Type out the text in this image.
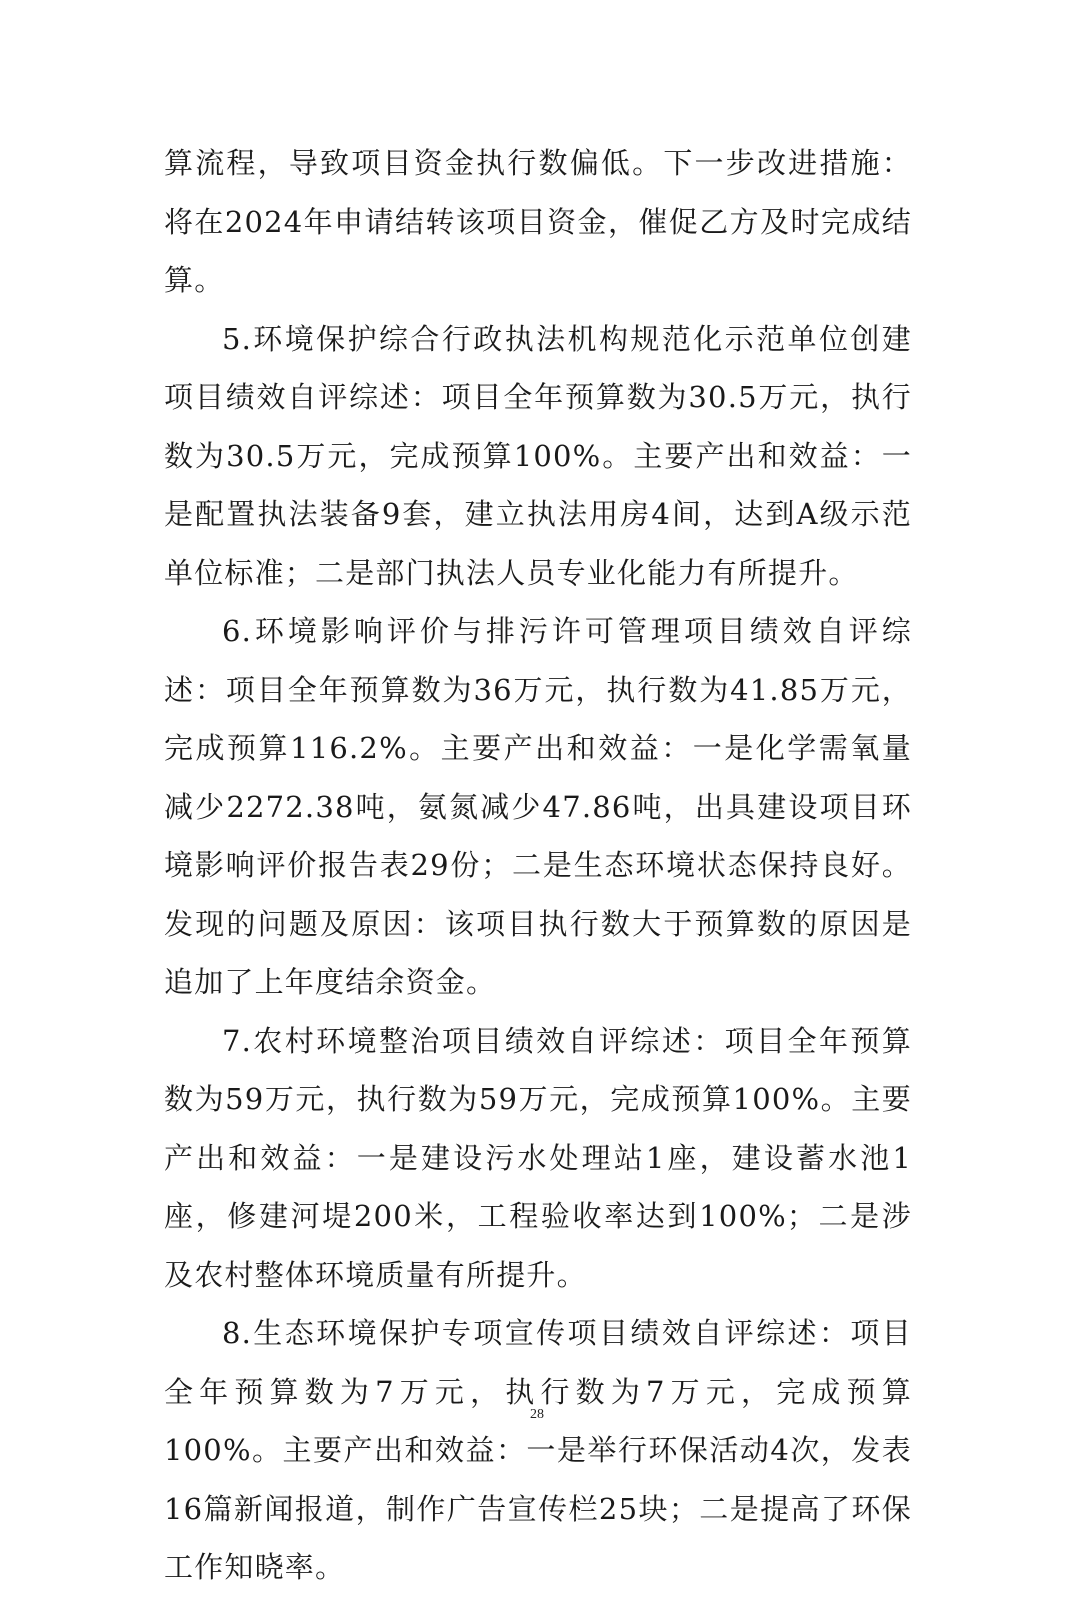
算流程，导致项目资金执行数偏低。下一步改进措施：将在2024年申请结转该项目资金，催促乙方及时完成结算。

5.环境保护综合行政执法机构规范化示范单位创建项目绩效自评综述：项目全年预算数为30.5万元，执行数为30.5万元，完成预算100%。主要产出和效益：一是配置执法装备9套，建立执法用房4间，达到A级示范单位标准；二是部门执法人员专业化能力有所提升。

6.环境影响评价与排污许可管理项目绩效自评综述：项目全年预算数为36万元，执行数为41.85万元，完成预算116.2%。主要产出和效益：一是化学需氧量减少2272.38吨，氨氮减少47.86吨，出具建设项目环境影响评价报告表29份；二是生态环境状态保持良好。发现的问题及原因：该项目执行数大于预算数的原因是追加了上年度结余资金。

7.农村环境整治项目绩效自评综述：项目全年预算数为59万元，执行数为59万元，完成预算100%。主要产出和效益：一是建设污水处理站1座，建设蓄水池1座，修建河堤200米，工程验收率达到100%；二是涉及农村整体环境质量有所提升。

8.生态环境保护专项宣传项目绩效自评综述：项目全年预算数为7万元，执行数为7万元，完成预算100%。主要产出和效益：一是举行环保活动4次，发表16篇新闻报道，制作广告宣传栏25块；二是提高了环保工作知晓率。

28
